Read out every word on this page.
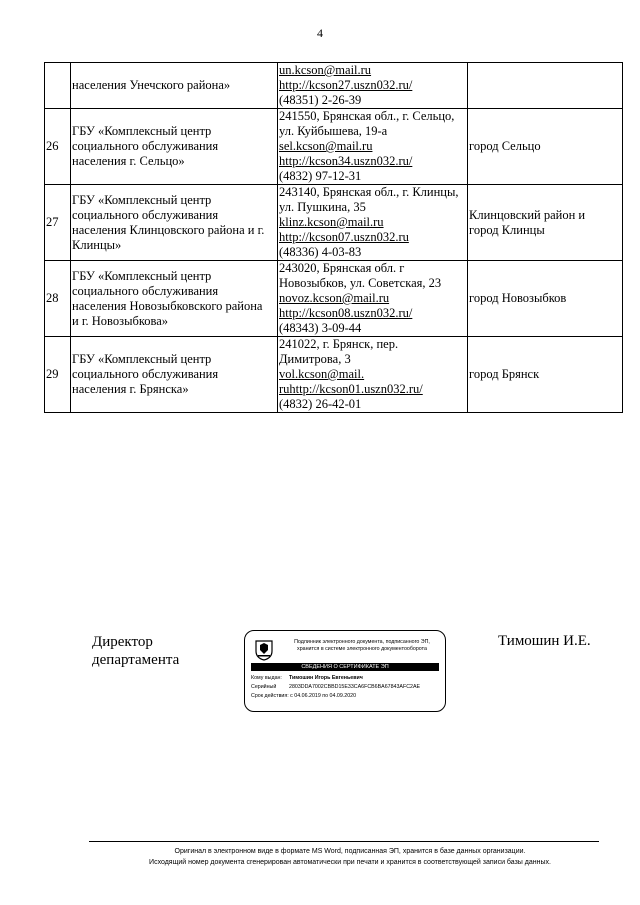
4

	населения Унечского района»	un.kcson@mail.ru
http://kcson27.uszn032.ru/
(48351) 2-26-39	

26	ГБУ «Комплексный центр
социального обслуживания
населения г. Сельцо»	241550, Брянская обл., г. Сельцо,
ул. Куйбышева, 19-а
sel.kcson@mail.ru
http://kcson34.uszn032.ru/
(4832) 97-12-31	город Сельцо

27	ГБУ «Комплексный центр
социального обслуживания
населения Клинцовского района и г.
Клинцы»	243140, Брянская обл., г. Клинцы,
ул. Пушкина, 35
klinz.kcson@mail.ru
http://kcson07.uszn032.ru
(48336) 4-03-83	Клинцовский район и
город Клинцы

28	ГБУ «Комплексный центр
социального обслуживания
населения Новозыбковского района
и г. Новозыбкова»	243020, Брянская обл. г
Новозыбков, ул. Советская, 23
novoz.kcson@mail.ru
http://kcson08.uszn032.ru/
(48343) 3-09-44	город Новозыбков

29	ГБУ «Комплексный центр
социального обслуживания
населения г. Брянска»	241022, г. Брянск, пер.
Димитрова, 3
vol.kcson@mail.
ruhttp://kcson01.uszn032.ru/
(4832) 26-42-01	город Брянск
Директор
департамента
Тимошин И.Е.
Подлинник электронного документа, подписанного ЭП,
хранится в системе электронного документооборота
СВЕДЕНИЯ О СЕРТИФИКАТЕ ЭП
Кому выдан: Тимошин Игорь Евгеньевич
Серийный 2803DDA7002CBBD15E33CA6FCB6BA67843AFC2AE
Срок действия: с 04.06.2019 по 04.09.2020
Оригинал в электронном виде в формате MS Word, подписанная ЭП, хранится в базе данных организации.
Исходящий номер документа сгенерирован автоматически при печати и хранится в соответствующей записи базы данных.
